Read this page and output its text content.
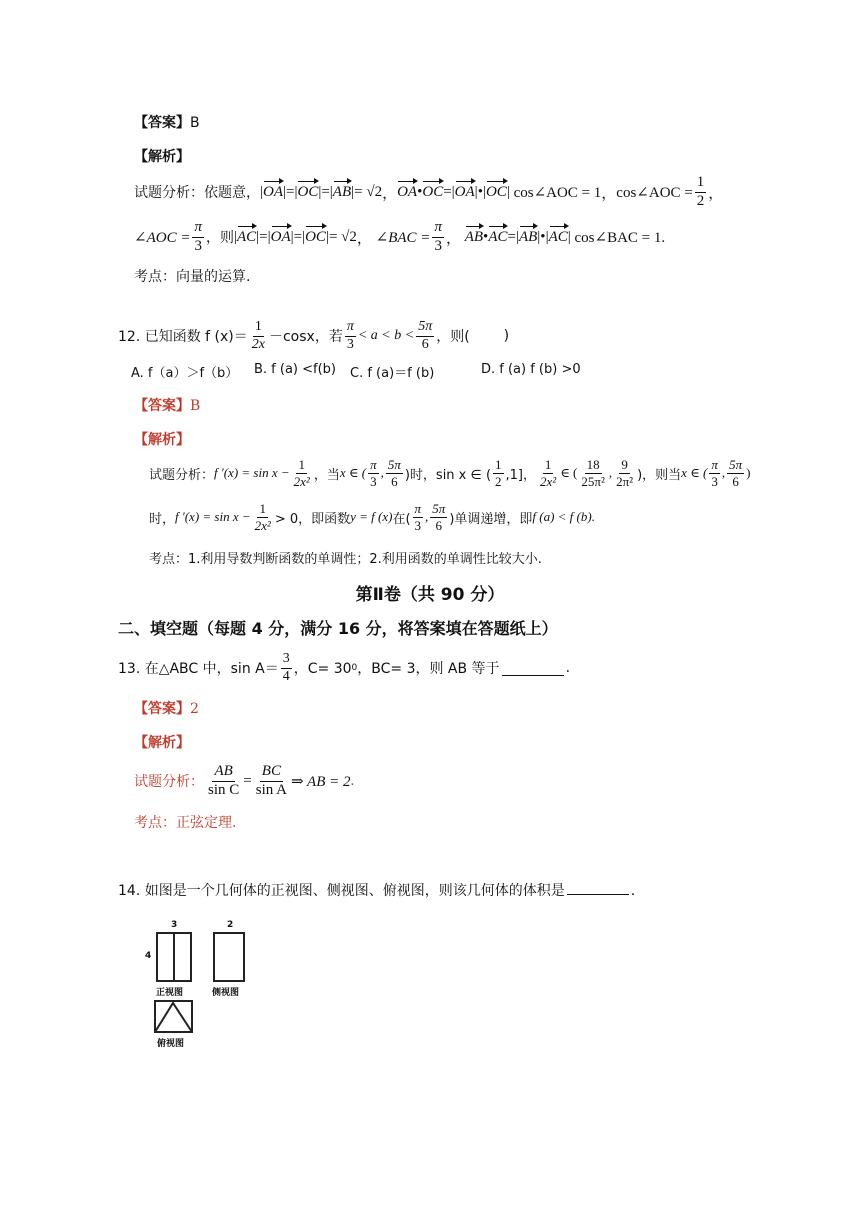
【答案】B
【解析】
试题分析：依题意， | OA |=| OC |=| AB |= √2 ， OA • OC =| OA | • | OC | cos∠AOC = 1 ， cos∠AOC = $\frac{1}{2}$ ，
∠AOC = $\frac{\pi}{3}$ ，则 | AC |=| OA |=| OC |= √2 ， ∠BAC = $\frac{\pi}{3}$ ， AB • AC =| AB | • | AC | cos∠BAC = 1.
考点：向量的运算.
12. 已知函数 f $(x)= \frac{1}{2x} -\cos x$，若 $\frac{\pi}{3} < a < b < \frac{5\pi}{6}$ ，则( )
A. f（a）＞f（b） B. f (a) <f(b) C. f (a)＝f (b)	D. f (a) f (b) >0
【答案】B
【解析】
试题分析： f $'(x) = \sin x - \frac{1}{\text{2x²}}$ ，当 x ∈ ( $\frac{\pi}{3}$ , $\frac{5\pi}{6}$ )时，sin x ∈ ( $\frac{1}{2} ,1$]， $\frac{1}{\text{2x²}}$ ∈ ( $\frac{18}{\text{25π²}}$ , $\frac{9}{\text{2π²}}$ )，则当 x ∈ ( $\frac{\pi}{3}$ , $\frac{5\pi}{6}$ )
时， f $'(x) = \sin x - \frac{1}{\text{2x²}} > 0$，即函数 y = f (x) 在( $\frac{\pi}{3}$ , $\frac{5\pi}{6}$ )单调递增，即 f (a) < f (b).
考点：1.利用导数判断函数的单调性；2.利用函数的单调性比较大小.
第Ⅱ卷（共 90 分）
二、填空题（每题 4 分，满分 16 分，将答案填在答题纸上）
13. 在△ABC 中，$\sin A= \frac{3}{4}$ ，C= 30 0 ，BC= 3，则 AB 等于	.
【答案】2
【解析】
试题分析： $\frac{AB}{\text{sin C}} = \frac{BC}{\text{sin A}}$ ⇒ AB = 2 .
考点：正弦定理.
14. 如图是一个几何体的正视图、侧视图、俯视图，则该几何体的体积是	.
3
4
正视图
2
侧视图
俯视图
